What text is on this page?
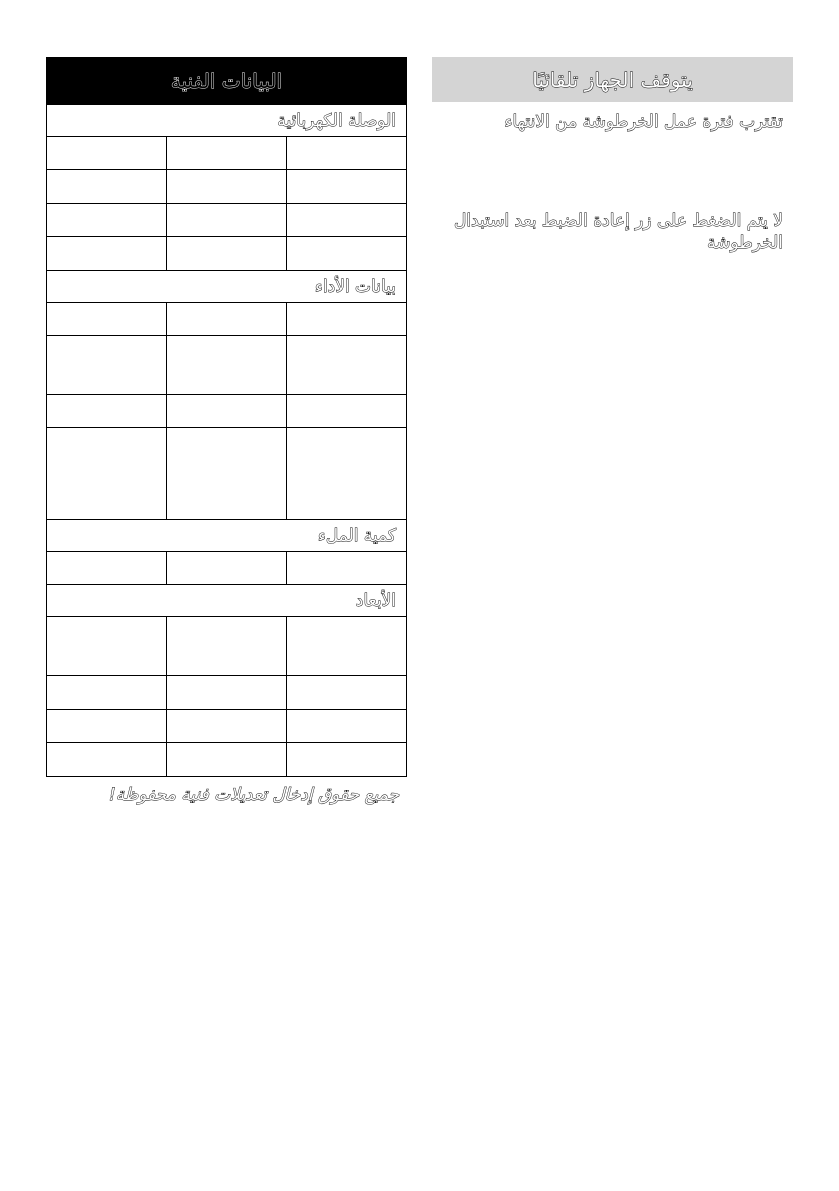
يتوقف الجهاز تلقائيًا
تقترب فترة عمل الخرطوشة من الانتهاء
لا يتم الضغط على زر إعادة الضبط بعد استبدال الخرطوشة
البيانات الفنية
الوصلة الكهربائية		

بيانات الأداء		

كمية الملء		

الأبعاد		

جميع حقوق إدخال تعديلات فنية محفوظة!
